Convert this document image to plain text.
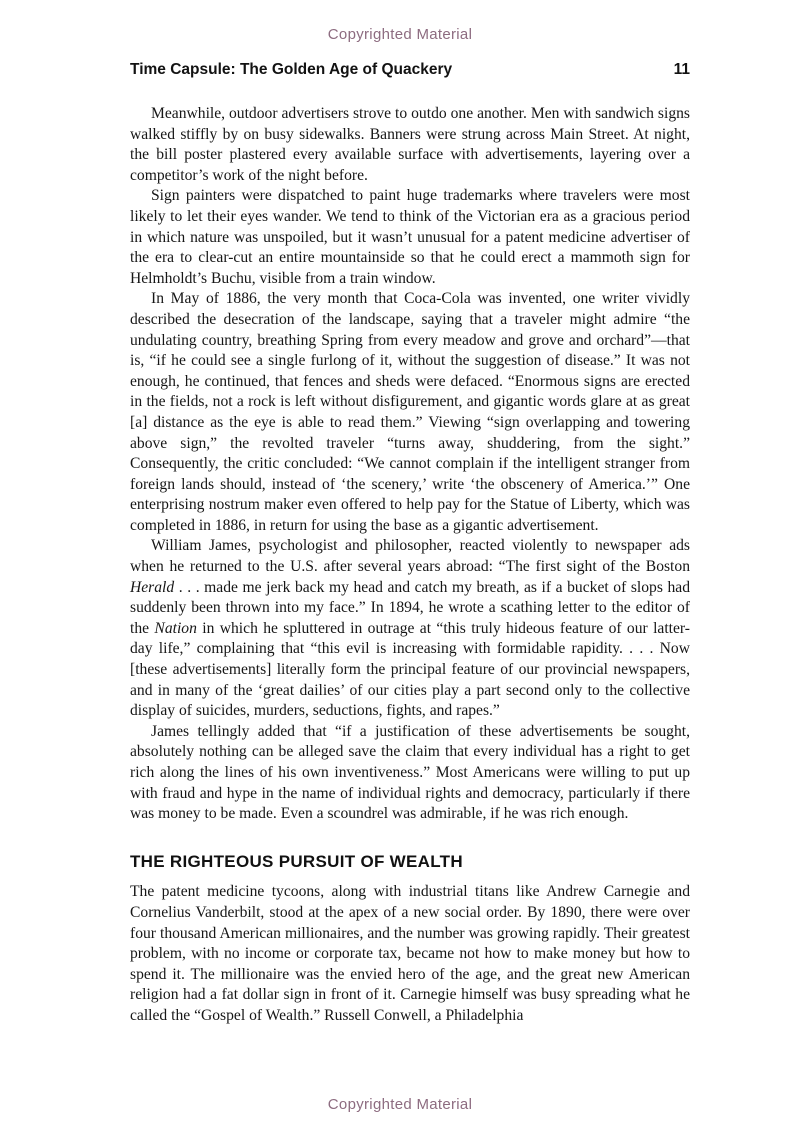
Copyrighted Material
Time Capsule: The Golden Age of Quackery	11

Meanwhile, outdoor advertisers strove to outdo one another. Men with sandwich signs walked stiffly by on busy sidewalks. Banners were strung across Main Street. At night, the bill poster plastered every available surface with advertisements, layering over a competitor’s work of the night before.

Sign painters were dispatched to paint huge trademarks where travelers were most likely to let their eyes wander. We tend to think of the Victorian era as a gracious period in which nature was unspoiled, but it wasn’t unusual for a patent medicine advertiser of the era to clear-cut an entire mountainside so that he could erect a mammoth sign for Helmholdt’s Buchu, visible from a train window.

In May of 1886, the very month that Coca-Cola was invented, one writer vividly described the desecration of the landscape, saying that a traveler might admire “the undulating country, breathing Spring from every meadow and grove and orchard”—that is, “if he could see a single furlong of it, without the suggestion of disease.” It was not enough, he continued, that fences and sheds were defaced. “Enormous signs are erected in the fields, not a rock is left without disfigurement, and gigantic words glare at as great [a] distance as the eye is able to read them.” Viewing “sign overlapping and towering above sign,” the revolted traveler “turns away, shuddering, from the sight.” Consequently, the critic concluded: “We cannot complain if the intelligent stranger from foreign lands should, instead of ‘the scenery,’ write ‘the obscenery of America.’” One enterprising nostrum maker even offered to help pay for the Statue of Liberty, which was completed in 1886, in return for using the base as a gigantic advertisement.

William James, psychologist and philosopher, reacted violently to newspaper ads when he returned to the U.S. after several years abroad: “The first sight of the Boston Herald . . . made me jerk back my head and catch my breath, as if a bucket of slops had suddenly been thrown into my face.” In 1894, he wrote a scathing letter to the editor of the Nation in which he spluttered in outrage at “this truly hideous feature of our latter-day life,” complaining that “this evil is increasing with formidable rapidity. . . . Now [these advertisements] literally form the principal feature of our provincial newspapers, and in many of the ‘great dailies’ of our cities play a part second only to the collective display of suicides, murders, seductions, fights, and rapes.”

James tellingly added that “if a justification of these advertisements be sought, absolutely nothing can be alleged save the claim that every individual has a right to get rich along the lines of his own inventiveness.” Most Americans were willing to put up with fraud and hype in the name of individual rights and democracy, particularly if there was money to be made. Even a scoundrel was admirable, if he was rich enough.

THE RIGHTEOUS PURSUIT OF WEALTH

The patent medicine tycoons, along with industrial titans like Andrew Carnegie and Cornelius Vanderbilt, stood at the apex of a new social order. By 1890, there were over four thousand American millionaires, and the number was growing rapidly. Their greatest problem, with no income or corporate tax, became not how to make money but how to spend it. The millionaire was the envied hero of the age, and the great new American religion had a fat dollar sign in front of it. Carnegie himself was busy spreading what he called the “Gospel of Wealth.” Russell Conwell, a Philadelphia

Copyrighted Material
